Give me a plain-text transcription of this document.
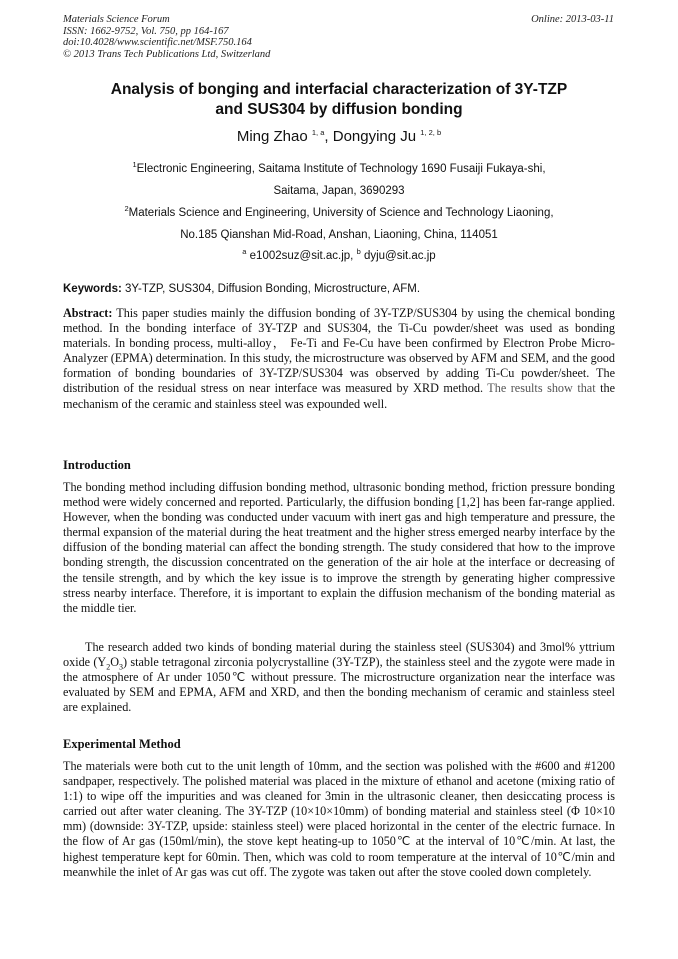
Materials Science Forum
ISSN: 1662-9752, Vol. 750, pp 164-167
doi:10.4028/www.scientific.net/MSF.750.164
© 2013 Trans Tech Publications Ltd, Switzerland
Online: 2013-03-11
Analysis of bonging and interfacial characterization of 3Y-TZP
and SUS304 by diffusion bonding
Ming Zhao $^{1, a}$, Dongying Ju $^{1, 2, b}$
$^1$Electronic Engineering, Saitama Institute of Technology 1690 Fusaiji Fukaya-shi,
Saitama, Japan, 3690293
$^2$Materials Science and Engineering, University of Science and Technology Liaoning,
No.185 Qianshan Mid-Road, Anshan, Liaoning, China, 114051
$^a$ e1002suz@sit.ac.jp, $^b$ dyju@sit.ac.jp
Keywords: 3Y-TZP, SUS304, Diffusion Bonding, Microstructure, AFM.
Abstract: This paper studies mainly the diffusion bonding of 3Y-TZP/SUS304 by using the chemical bonding method. In the bonding interface of 3Y-TZP and SUS304, the Ti-Cu powder/sheet was used as bonding materials. In bonding process, multi-alloy， Fe-Ti and Fe-Cu have been confirmed by Electron Probe Micro-Analyzer (EPMA) determination. In this study, the microstructure was observed by AFM and SEM, and the good formation of bonding boundaries of 3Y-TZP/SUS304 was observed by adding Ti-Cu powder/sheet. The distribution of the residual stress on near interface was measured by XRD method. The results show that the mechanism of the ceramic and stainless steel was expounded well.
Introduction
The bonding method including diffusion bonding method, ultrasonic bonding method, friction pressure bonding method were widely concerned and reported. Particularly, the diffusion bonding [1,2] has been far-range applied. However, when the bonding was conducted under vacuum with inert gas and high temperature and pressure, the thermal expansion of the material during the heat treatment and the higher stress emerged nearby interface by the diffusion of the bonding material can affect the bonding strength. The study considered that how to the improve bonding strength, the discussion concentrated on the generation of the air hole at the interface or decreasing of the tensile strength, and by which the key issue is to improve the strength by generating higher compressive stress nearby interface. Therefore, it is important to explain the diffusion mechanism of the bonding material as the middle tier.
The research added two kinds of bonding material during the stainless steel (SUS304) and 3mol% yttrium oxide $(Y_2O_3)$ stable tetragonal zirconia polycrystalline (3Y-TZP), the stainless steel and the zygote were made in the atmosphere of Ar under 1050℃ without pressure. The microstructure organization near the interface was evaluated by SEM and EPMA, AFM and XRD, and then the bonding mechanism of ceramic and stainless steel are explained.
Experimental Method
The materials were both cut to the unit length of 10mm, and the section was polished with the #600 and #1200 sandpaper, respectively. The polished material was placed in the mixture of ethanol and acetone (mixing ratio of 1:1) to wipe off the impurities and was cleaned for 3min in the ultrasonic cleaner, then desiccating process is carried out after water cleaning. The 3Y-TZP (10×10×10mm) of bonding material and stainless steel (Φ 10×10 mm) (downside: 3Y-TZP, upside: stainless steel) were placed horizontal in the center of the electric furnace. In the flow of Ar gas (150ml/min), the stove kept heating-up to 1050℃ at the interval of 10℃/min. At last, the highest temperature kept for 60min. Then, which was cold to room temperature at the interval of 10℃/min and meanwhile the inlet of Ar gas was cut off. The zygote was taken out after the stove cooled down completely.
